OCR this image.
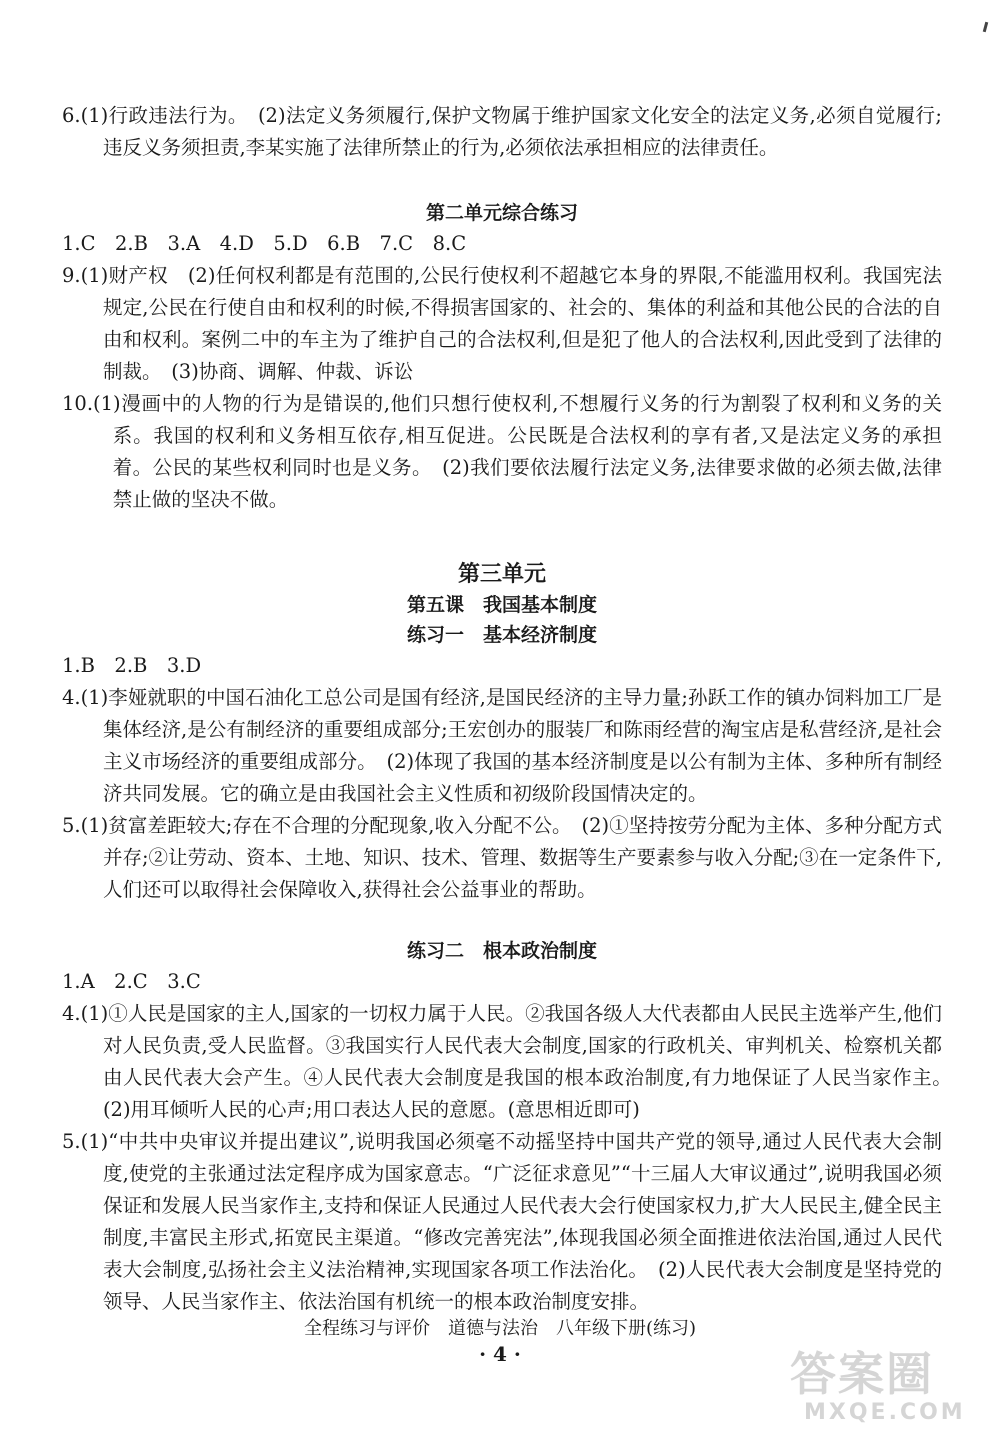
6.(1)行政违法行为。　(2)法定义务须履行,保护文物属于维护国家文化安全的法定义务,必须自觉履行;违反义务须担责,李某实施了法律所禁止的行为,必须依法承担相应的法律责任。

第二单元综合练习

1.C　2.B　3.A　4.D　5.D　6.B　7.C　8.C

9.(1)财产权　(2)任何权利都是有范围的,公民行使权利不超越它本身的界限,不能滥用权利。我国宪法规定,公民在行使自由和权利的时候,不得损害国家的、社会的、集体的利益和其他公民的合法的自由和权利。案例二中的车主为了维护自己的合法权利,但是犯了他人的合法权利,因此受到了法律的制裁。　(3)协商、调解、仲裁、诉讼

10.(1)漫画中的人物的行为是错误的,他们只想行使权利,不想履行义务的行为割裂了权利和义务的关系。我国的权利和义务相互依存,相互促进。公民既是合法权利的享有者,又是法定义务的承担着。公民的某些权利同时也是义务。　(2)我们要依法履行法定义务,法律要求做的必须去做,法律禁止做的坚决不做。

第三单元

第五课　我国基本制度

练习一　基本经济制度

1.B　2.B　3.D

4.(1)李娅就职的中国石油化工总公司是国有经济,是国民经济的主导力量;孙跃工作的镇办饲料加工厂是集体经济,是公有制经济的重要组成部分;王宏创办的服装厂和陈雨经营的淘宝店是私营经济,是社会主义市场经济的重要组成部分。　(2)体现了我国的基本经济制度是以公有制为主体、多种所有制经济共同发展。它的确立是由我国社会主义性质和初级阶段国情决定的。

5.(1)贫富差距较大;存在不合理的分配现象,收入分配不公。　(2)①坚持按劳分配为主体、多种分配方式并存;②让劳动、资本、土地、知识、技术、管理、数据等生产要素参与收入分配;③在一定条件下,人们还可以取得社会保障收入,获得社会公益事业的帮助。

练习二　根本政治制度

1.A　2.C　3.C

4.(1)①人民是国家的主人,国家的一切权力属于人民。②我国各级人大代表都由人民民主选举产生,他们对人民负责,受人民监督。③我国实行人民代表大会制度,国家的行政机关、审判机关、检察机关都由人民代表大会产生。④人民代表大会制度是我国的根本政治制度,有力地保证了人民当家作主。　(2)用耳倾听人民的心声;用口表达人民的意愿。(意思相近即可)

5.(1)“中共中央审议并提出建议”,说明我国必须毫不动摇坚持中国共产党的领导,通过人民代表大会制度,使党的主张通过法定程序成为国家意志。“广泛征求意见”“十三届人大审议通过”,说明我国必须保证和发展人民当家作主,支持和保证人民通过人民代表大会行使国家权力,扩大人民民主,健全民主制度,丰富民主形式,拓宽民主渠道。“修改完善宪法”,体现我国必须全面推进依法治国,通过人民代表大会制度,弘扬社会主义法治精神,实现国家各项工作法治化。　(2)人民代表大会制度是坚持党的领导、人民当家作主、依法治国有机统一的根本政治制度安排。

全程练习与评价　道德与法治　八年级下册(练习)
· 4 ·	答案圈
MXQE.COM
